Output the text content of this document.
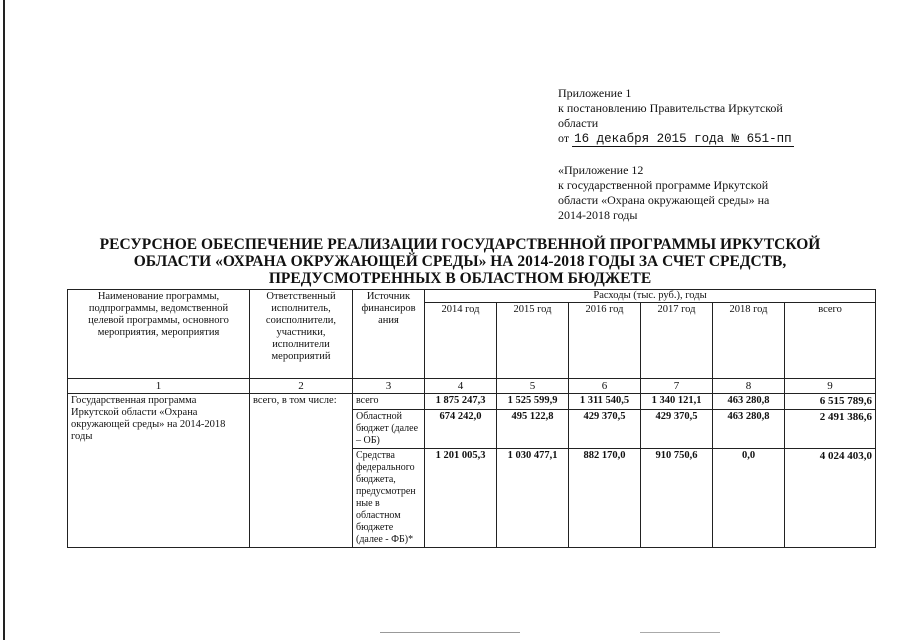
Приложение 1
к постановлению Правительства Иркутской
области
от 16 декабря 2015 года № 651-пп
«Приложение 12
к государственной программе Иркутской
области «Охрана окружающей среды» на
2014-2018 годы
РЕСУРСНОЕ ОБЕСПЕЧЕНИЕ РЕАЛИЗАЦИИ ГОСУДАРСТВЕННОЙ ПРОГРАММЫ ИРКУТСКОЙ
ОБЛАСТИ «ОХРАНА ОКРУЖАЮЩЕЙ СРЕДЫ» НА 2014-2018 ГОДЫ ЗА СЧЕТ СРЕДСТВ,
ПРЕДУСМОТРЕННЫХ В ОБЛАСТНОМ БЮДЖЕТЕ
Наименование программы, подпрограммы, ведомственной целевой программы, основного мероприятия, мероприятия	Ответственный исполнитель, соисполнители, участники, исполнители мероприятий	Источник финансиров ания	Расходы (тыс. руб.), годы					
			2014 год	2015 год	2016 год	2017 год	2018 год	всего
1	2	3	4	5	6	7	8	9
Государственная программа Иркутской области «Охрана окружающей среды» на 2014-2018 годы	всего, в том числе:	всего	1 875 247,3	1 525 599,9	1 311 540,5	1 340 121,1	463 280,8	6 515 789,6
		Областной бюджет (далее – ОБ)	674 242,0	495 122,8	429 370,5	429 370,5	463 280,8	2 491 386,6
		Средства федерального бюджета, предусмотрен ные в областном бюджете (далее - ФБ)*	1 201 005,3	1 030 477,1	882 170,0	910 750,6	0,0	4 024 403,0
